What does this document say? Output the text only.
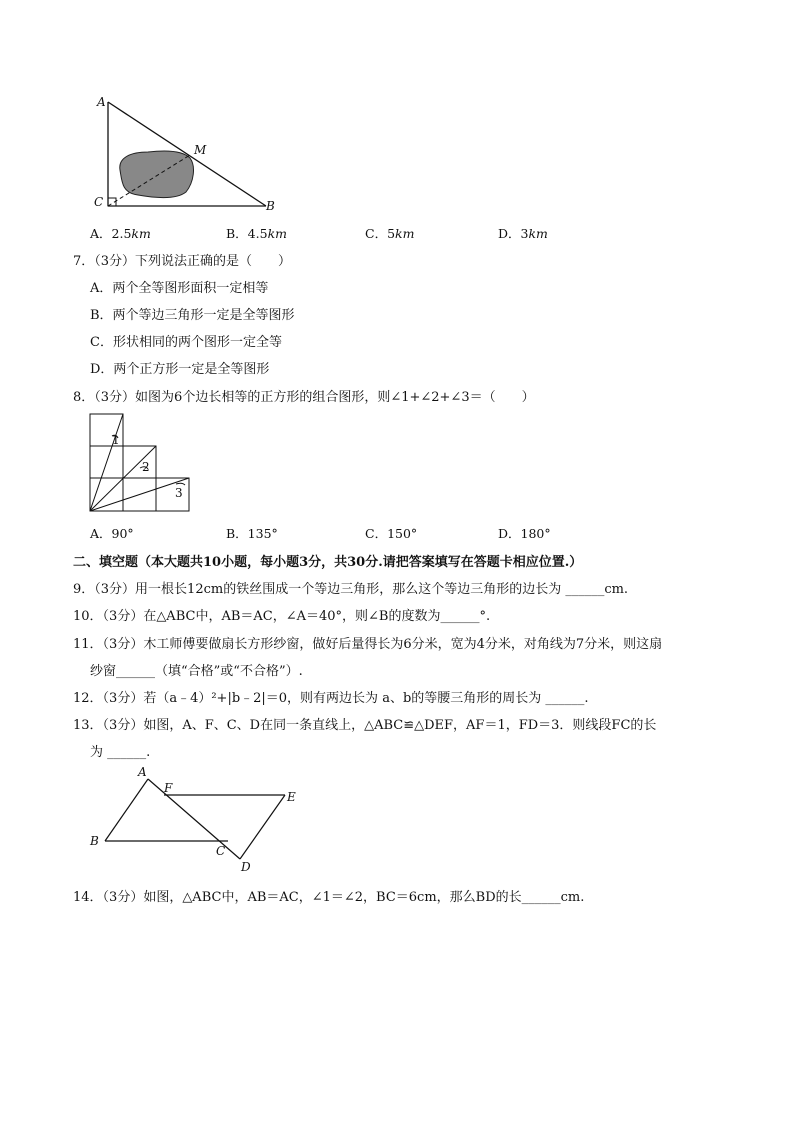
A
M
C	B
A．2.5km	B．4.5km	C．5km	D．3km
7．（3分）下列说法正确的是（　　）
A．两个全等图形面积一定相等
B．两个等边三角形一定是全等图形
C．形状相同的两个图形一定全等
D．两个正方形一定是全等图形
8．（3分）如图为6个边长相等的正方形的组合图形，则∠1+∠2+∠3＝（　　）
1
2
3
A．90°	B．135°	C．150°	D．180°
二、填空题（本大题共10小题，每小题3分，共30分.请把答案填写在答题卡相应位置.）
9．（3分）用一根长12cm的铁丝围成一个等边三角形，那么这个等边三角形的边长为 ______cm.
10．（3分）在△ABC中，AB＝AC，∠A＝40°，则∠B的度数为______°.
11．（3分）木工师傅要做扇长方形纱窗，做好后量得长为6分米，宽为4分米，对角线为7分米，则这扇
纱窗______（填“合格”或“不合格”）.
12．（3分）若（a﹣4）²+|b﹣2|＝0，则有两边长为 a、b的等腰三角形的周长为 ______.
13．（3分）如图，A、F、C、D在同一条直线上，△ABC≌△DEF，AF＝1，FD＝3．则线段FC的长
为 ______.
A
F
E
B
C
D
14．（3分）如图，△ABC中，AB＝AC，∠1＝∠2，BC＝6cm，那么BD的长______cm.
